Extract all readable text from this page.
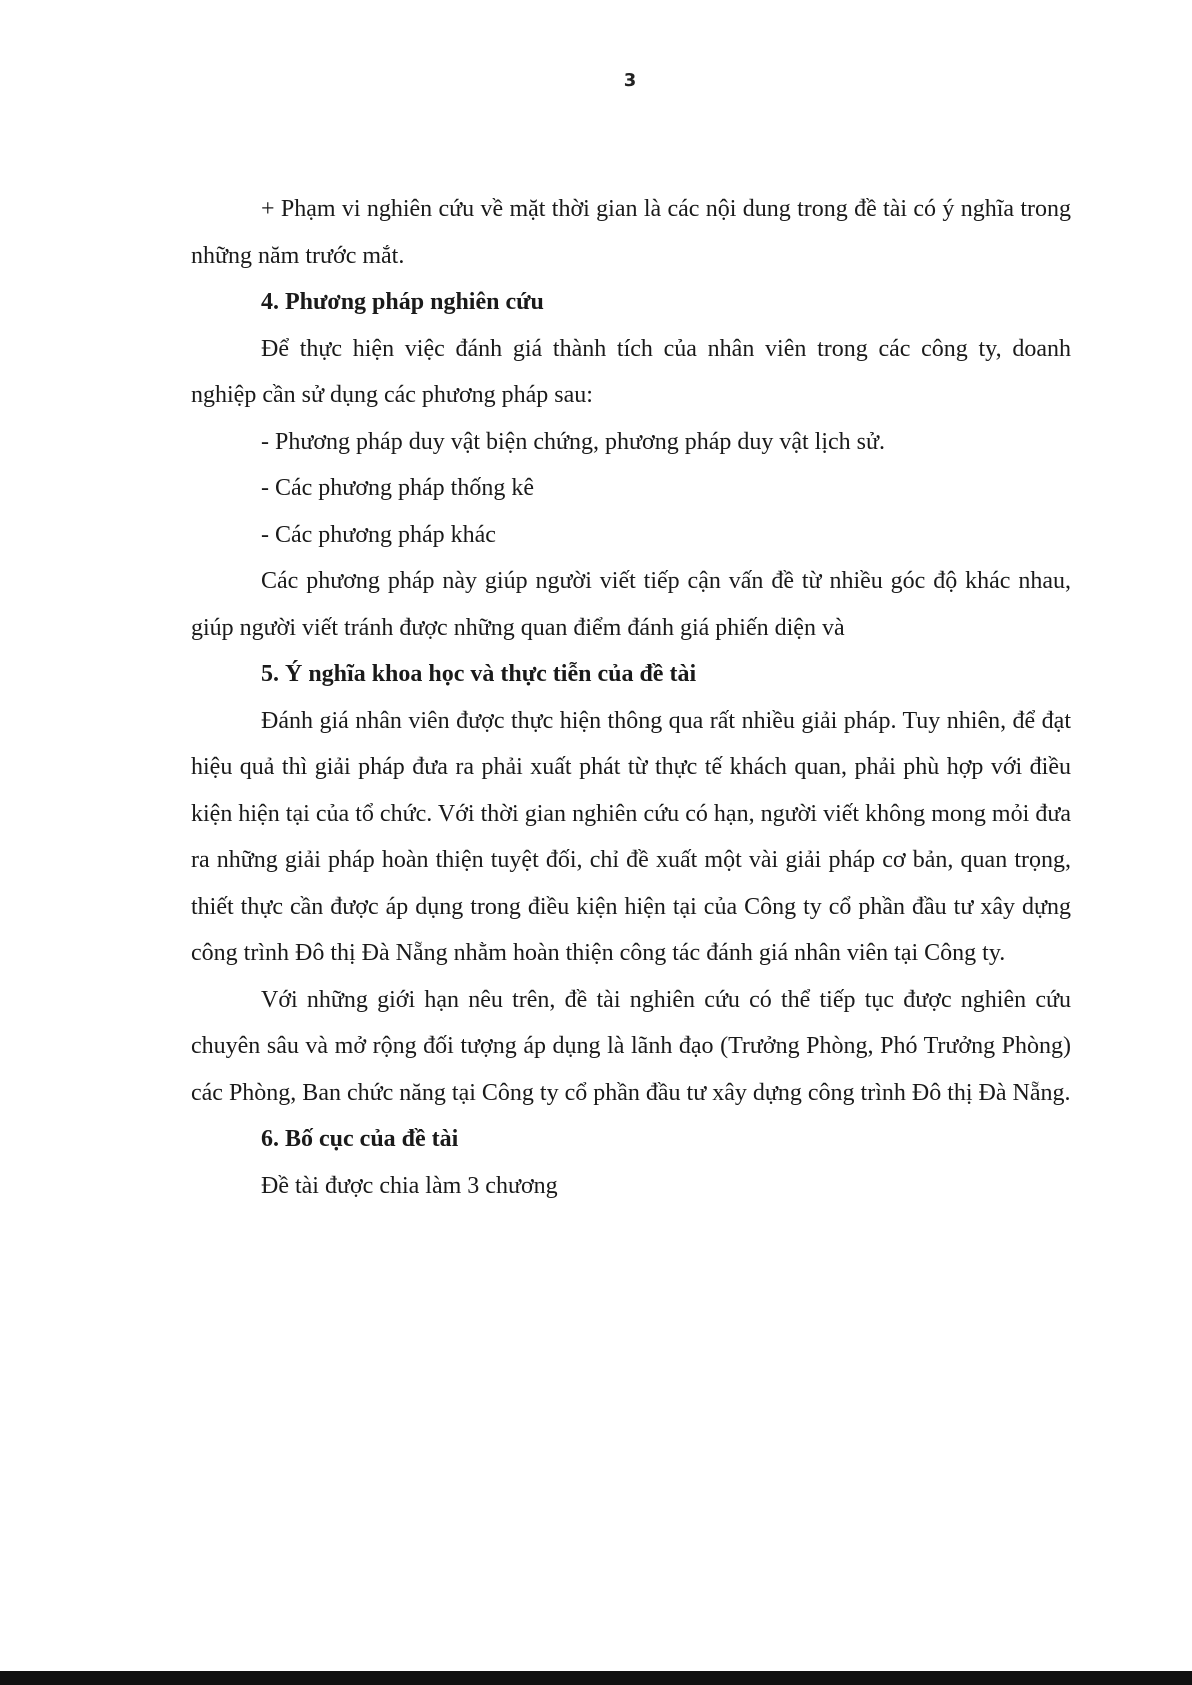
3

+ Phạm vi nghiên cứu về mặt thời gian là các nội dung trong đề tài có ý nghĩa trong những năm trước mắt.

4. Phương pháp nghiên cứu

Để thực hiện việc đánh giá thành tích của nhân viên trong các công ty, doanh nghiệp cần sử dụng các phương pháp sau:

- Phương pháp duy vật biện chứng, phương pháp duy vật lịch sử.

- Các phương pháp thống kê

- Các phương pháp khác

Các phương pháp này giúp người viết tiếp cận vấn đề từ nhiều góc độ khác nhau, giúp người viết tránh được những quan điểm đánh giá phiến diện và

5. Ý nghĩa khoa học và thực tiễn của đề tài

Đánh giá nhân viên được thực hiện thông qua rất nhiều giải pháp. Tuy nhiên, để đạt hiệu quả thì giải pháp đưa ra phải xuất phát từ thực tế khách quan, phải phù hợp với điều kiện hiện tại của tổ chức. Với thời gian nghiên cứu có hạn, người viết không mong mỏi đưa ra những giải pháp hoàn thiện tuyệt đối, chỉ đề xuất một vài giải pháp cơ bản, quan trọng, thiết thực cần được áp dụng trong điều kiện hiện tại của Công ty cổ phần đầu tư xây dựng công trình Đô thị Đà Nẵng nhằm hoàn thiện công tác đánh giá nhân viên tại Công ty.

Với những giới hạn nêu trên, đề tài nghiên cứu có thể tiếp tục được nghiên cứu chuyên sâu và mở rộng đối tượng áp dụng là lãnh đạo (Trưởng Phòng, Phó Trưởng Phòng) các Phòng, Ban chức năng tại Công ty cổ phần đầu tư xây dựng công trình Đô thị Đà Nẵng.

6. Bố cục của đề tài

Đề tài được chia làm 3 chương
